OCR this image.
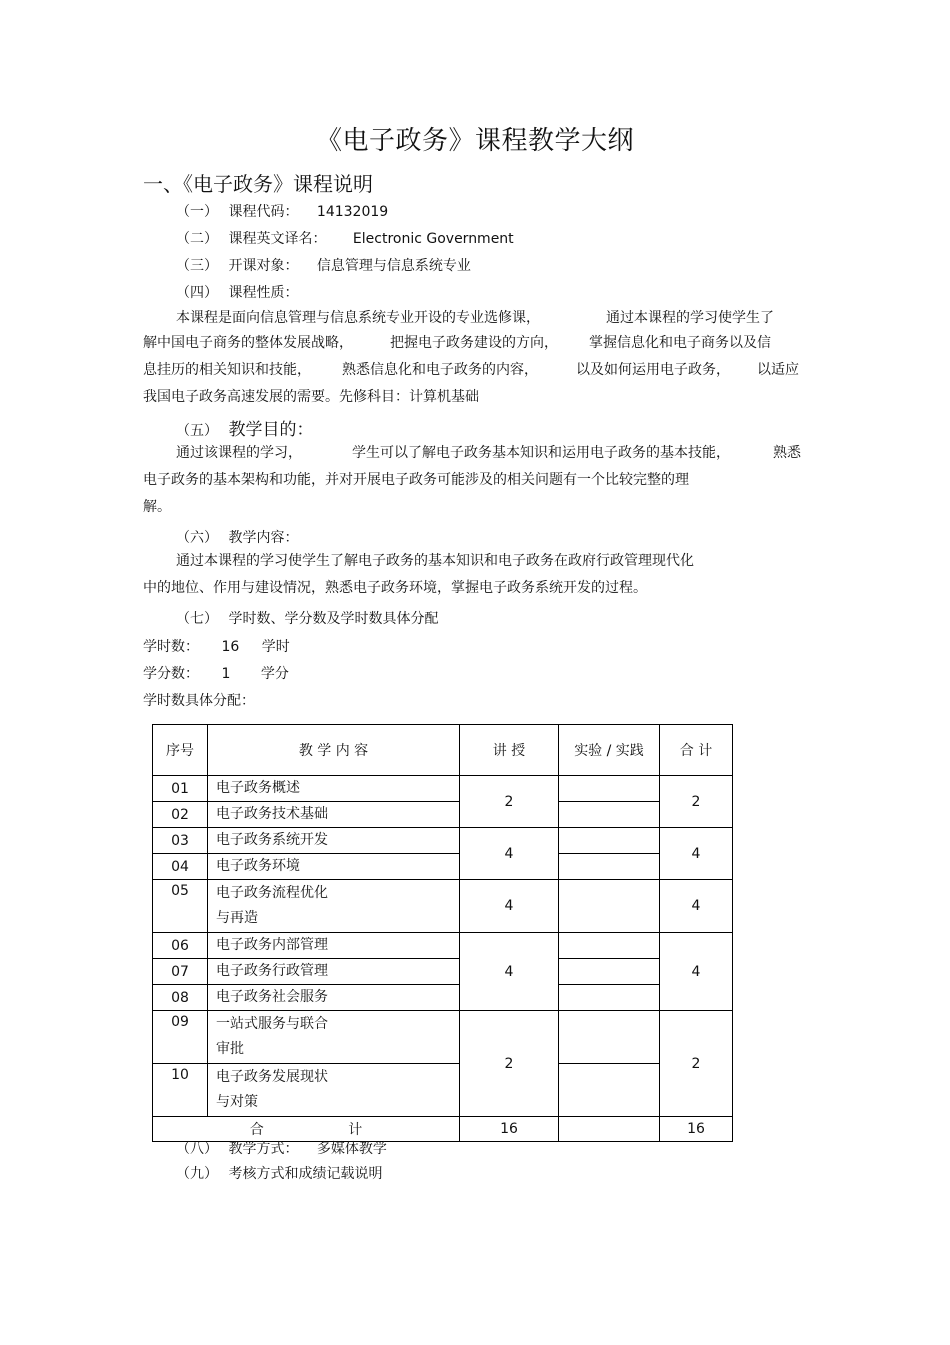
《电子政务》课程教学大纲
一、《电子政务》课程说明
（一） 课程代码： 14132019
（二） 课程英文译名： Electronic Government
（三） 开课对象： 信息管理与信息系统专业
（四） 课程性质：
本课程是面向信息管理与信息系统专业开设的专业选修课，	通过本课程的学习使学生了
解中国电子商务的整体发展战略，	把握电子政务建设的方向， 掌握信息化和电子商务以及信
息挂历的相关知识和技能， 熟悉信息化和电子政务的内容，	以及如何运用电子政务， 以适应
我国电子政务高速发展的需要。先修科目：计算机基础
（五） 教学目的：
通过该课程的学习，	学生可以了解电子政务基本知识和运用电子政务的基本技能，	熟悉
电子政务的基本架构和功能，并对开展电子政务可能涉及的相关问题有一个比较完整的理
解。
（六） 教学内容：
通过本课程的学习使学生了解电子政务的基本知识和电子政务在政府行政管理现代化
中的地位、作用与建设情况，熟悉电子政务环境，掌握电子政务系统开发的过程。
（七） 学时数、学分数及学时数具体分配
学时数： 16 学时
学分数： 1 学分
学时数具体分配：
序号	教 学 内 容	讲 授	实验 / 实践	合 计
01	电子政务概述	2		2
02	电子政务技术基础			
03	电子政务系统开发	4		4
04	电子政务环境			
05	电子政务流程优化
与再造	4		4
06	电子政务内部管理	4		4
07	电子政务行政管理			
08	电子政务社会服务			
09	一站式服务与联合
审批	2		2
10	电子政务发展现状
与对策			

合 计		16		16
（八） 教学方式： 多媒体教学
（九） 考核方式和成绩记载说明
